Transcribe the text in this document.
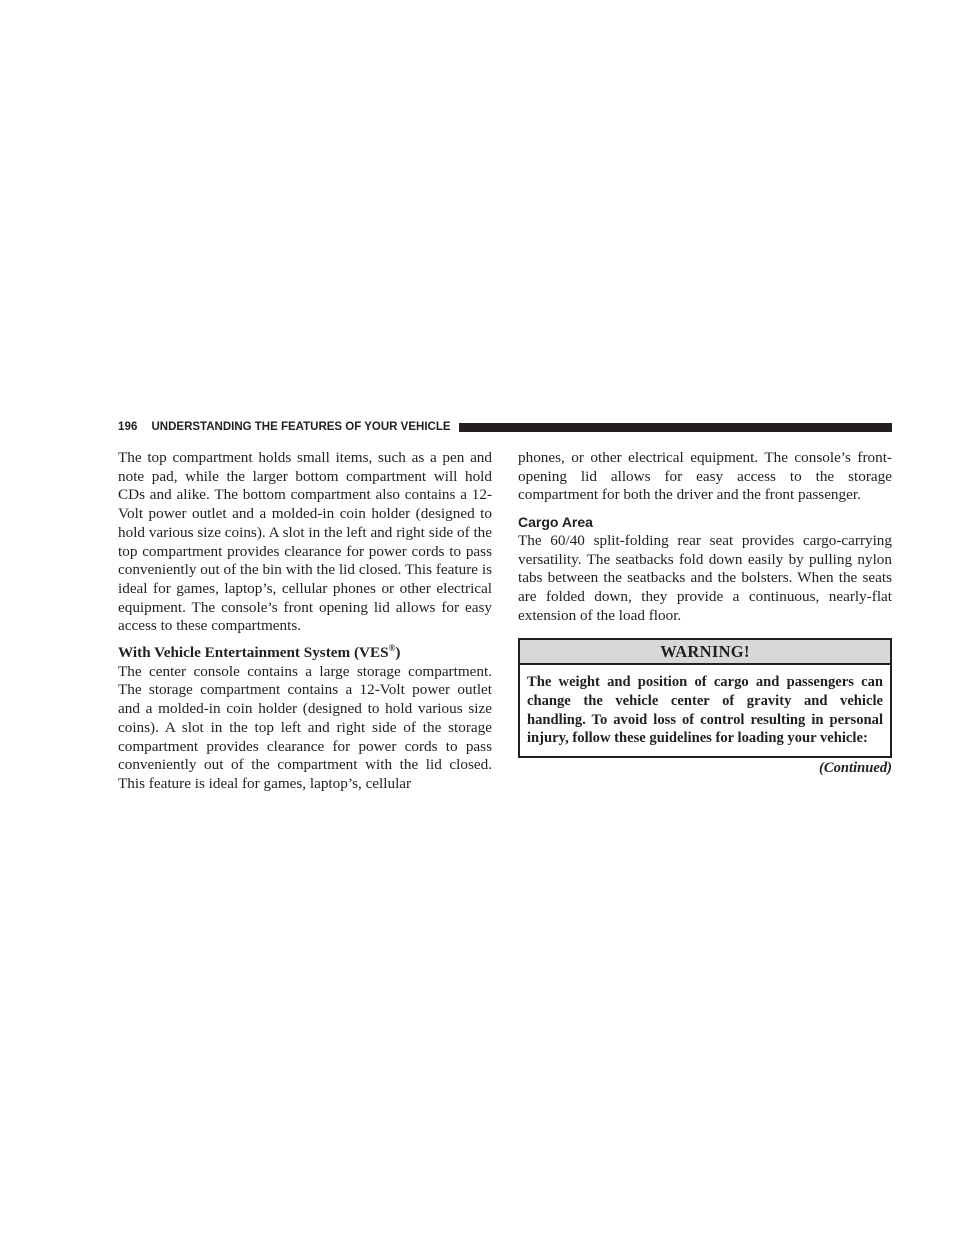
196 UNDERSTANDING THE FEATURES OF YOUR VEHICLE

The top compartment holds small items, such as a pen and note pad, while the larger bottom compartment will hold CDs and alike. The bottom compartment also contains a 12-Volt power outlet and a molded-in coin holder (designed to hold various size coins). A slot in the left and right side of the top compartment provides clearance for power cords to pass conveniently out of the bin with the lid closed. This feature is ideal for games, laptop’s, cellular phones or other electrical equipment. The console’s front opening lid allows for easy access to these compartments.

With Vehicle Entertainment System (VES®)

The center console contains a large storage compartment. The storage compartment contains a 12-Volt power outlet and a molded-in coin holder (designed to hold various size coins). A slot in the top left and right side of the storage compartment provides clearance for power cords to pass conveniently out of the compartment with the lid closed. This feature is ideal for games, laptop’s, cellular

phones, or other electrical equipment. The console’s front-opening lid allows for easy access to the storage compartment for both the driver and the front passenger.

Cargo Area

The 60/40 split-folding rear seat provides cargo-carrying versatility. The seatbacks fold down easily by pulling nylon tabs between the seatbacks and the bolsters. When the seats are folded down, they provide a continuous, nearly-flat extension of the load floor.

WARNING!
The weight and position of cargo and passengers can change the vehicle center of gravity and vehicle handling. To avoid loss of control resulting in personal injury, follow these guidelines for loading your vehicle:
(Continued)
